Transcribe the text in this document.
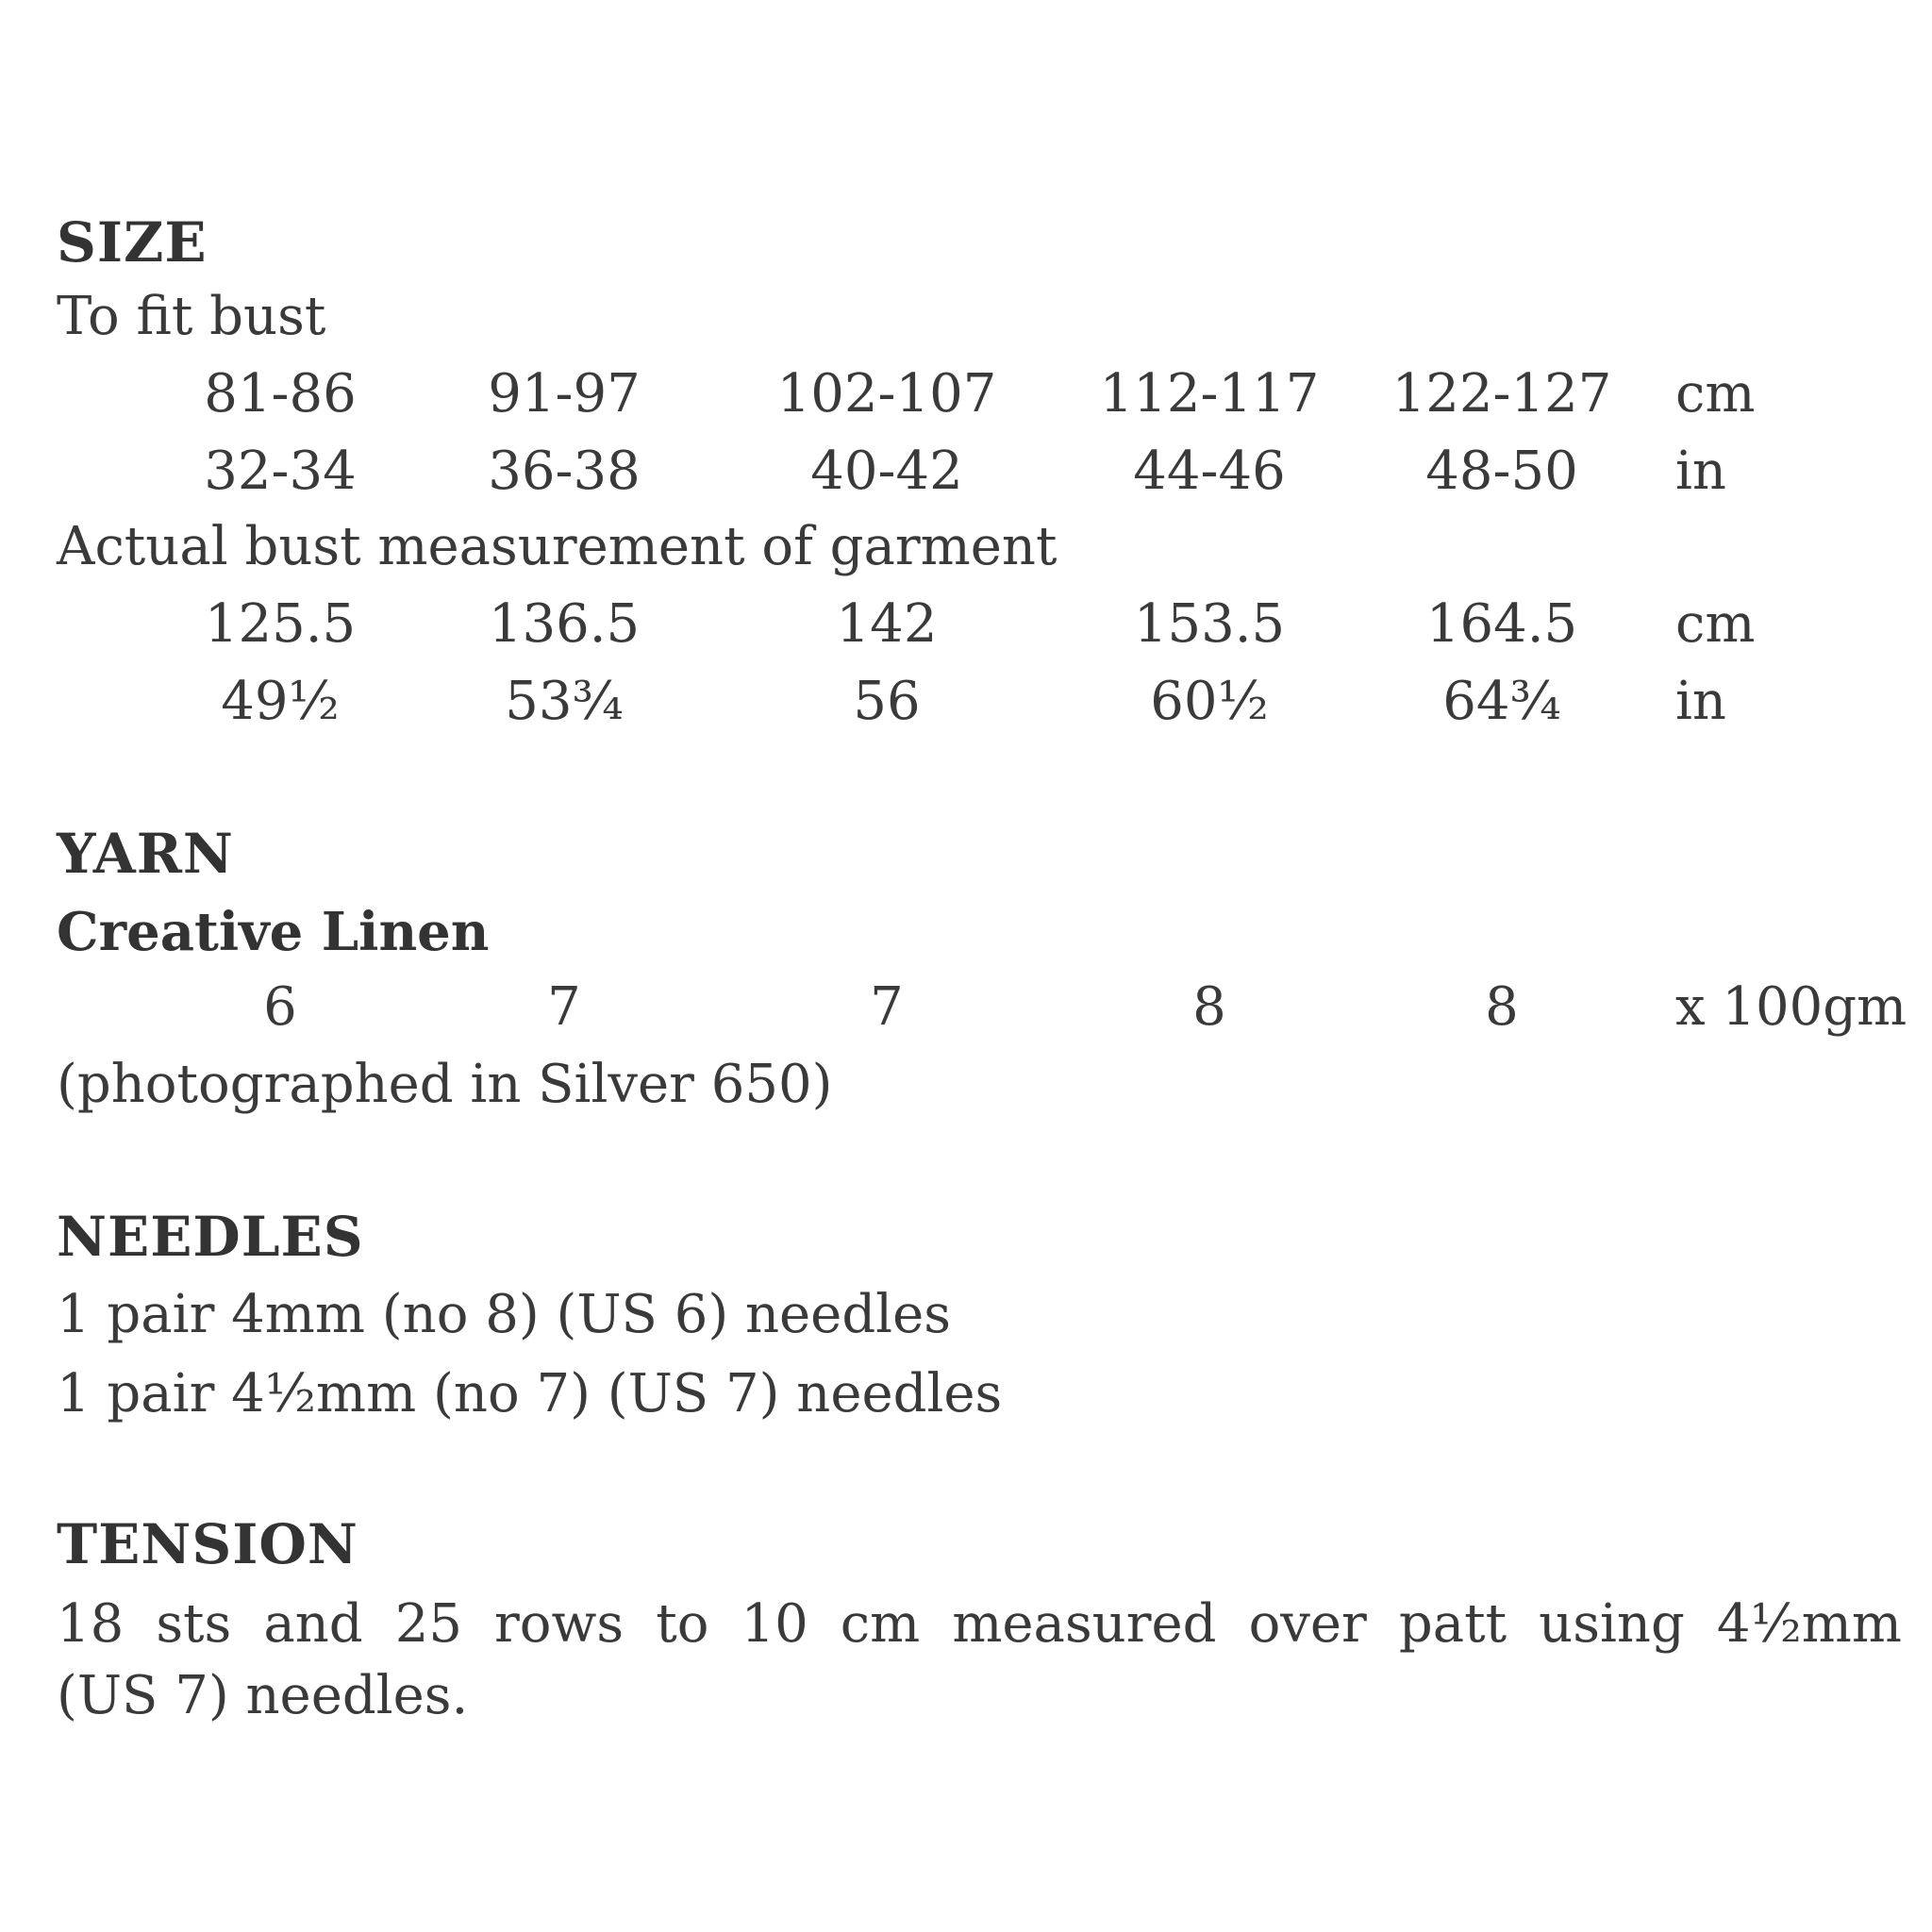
SIZE
To fit bust
81-86 91-97	102-107 112-117 122-127 cm
32-34 36-38	40-42	44-46	48-50 in
Actual bust measurement of garment
125.5	136.5	142	153.5	164.5 cm
49½	53¾	56	60½	64¾ in
YARN
Creative Linen
6	7	7	8	8	x 100gm
(photographed in Silver 650)
NEEDLES
1 pair 4mm (no 8) (US 6) needles
1 pair 4½mm (no 7) (US 7) needles
TENSION
18 sts and 25 rows to 10 cm measured over patt using 4½mm
(US 7) needles.
